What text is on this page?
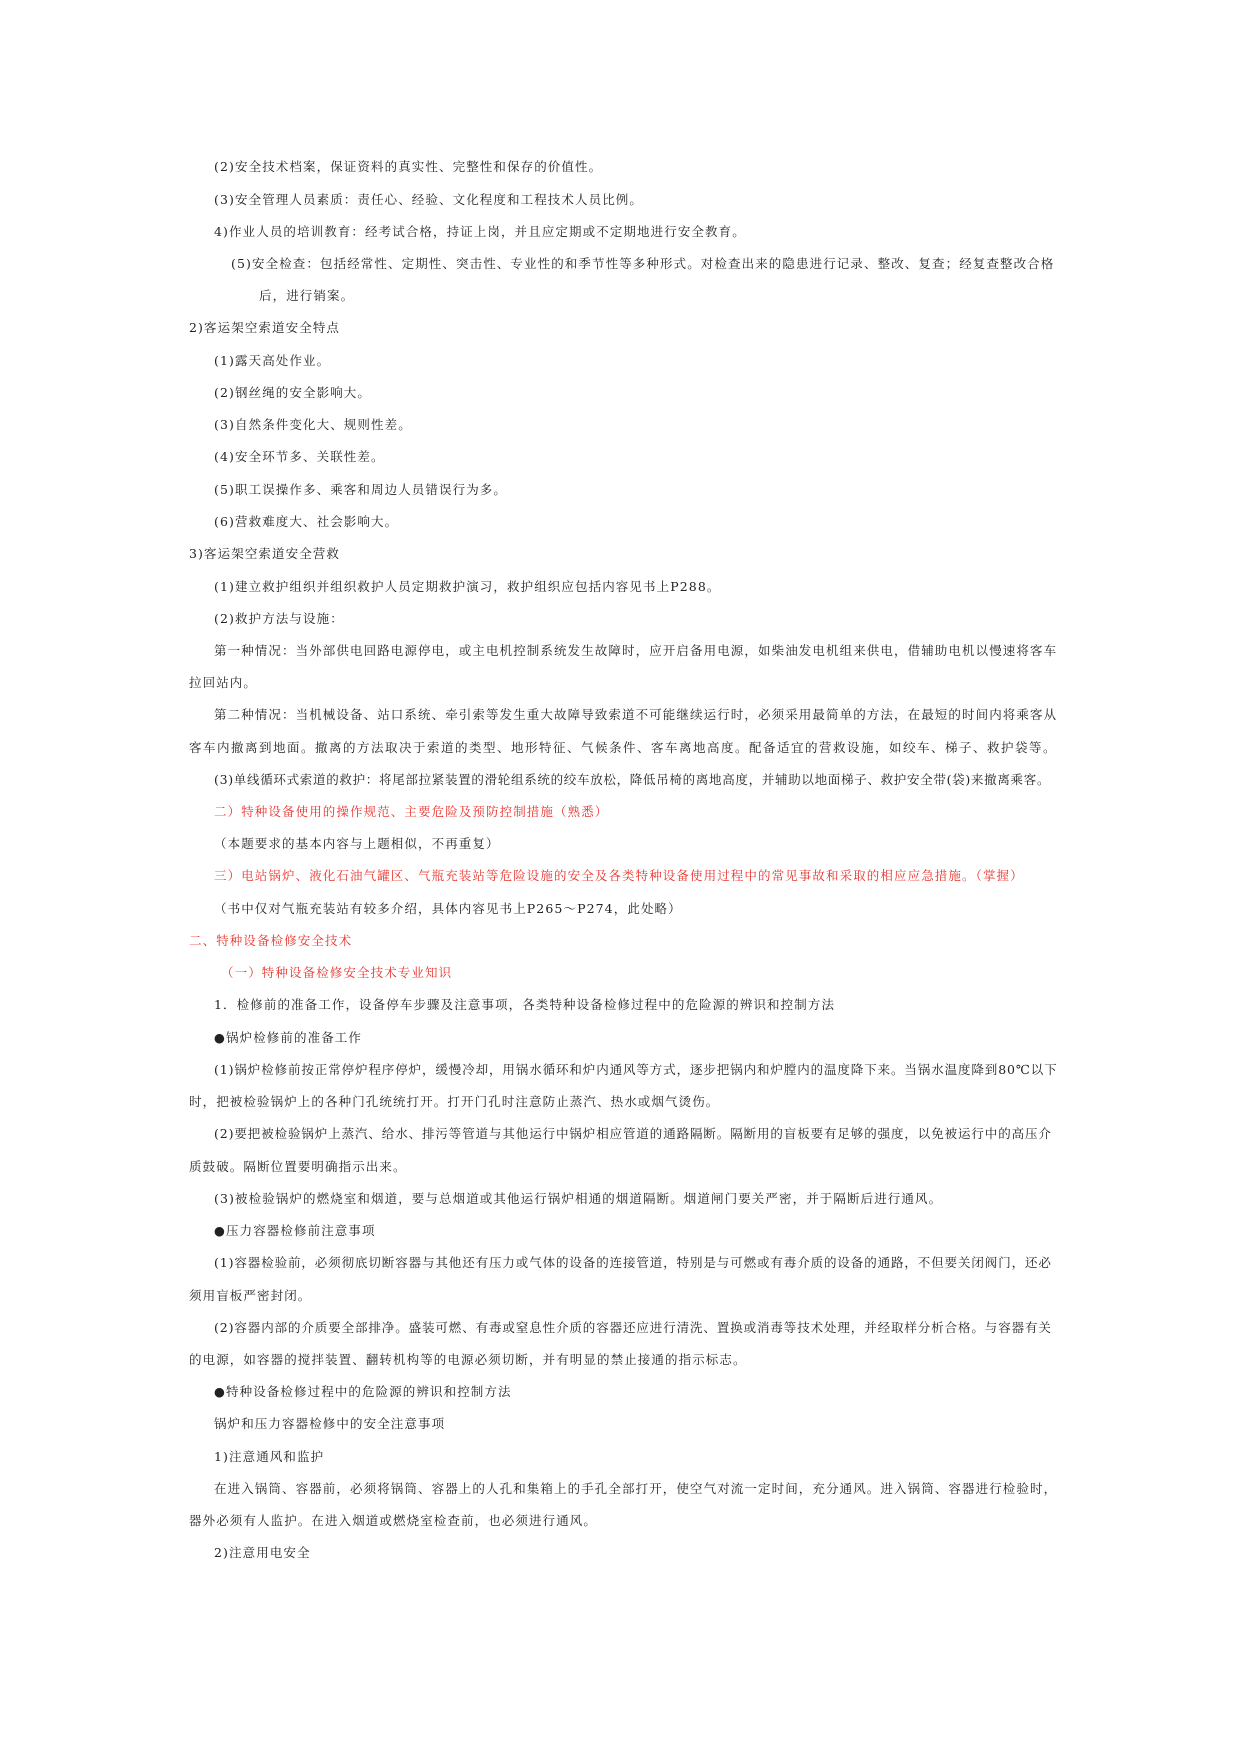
(2)安全技术档案，保证资料的真实性、完整性和保存的价值性。
(3)安全管理人员素质：责任心、经验、文化程度和工程技术人员比例。
4)作业人员的培训教育：经考试合格，持证上岗，并且应定期或不定期地进行安全教育。
(5)安全检查：包括经常性、定期性、突击性、专业性的和季节性等多种形式。对检查出来的隐患进行记录、整改、复查；经复查整改合格
后，进行销案。
2)客运架空索道安全特点
(1)露天高处作业。
(2)钢丝绳的安全影响大。
(3)自然条件变化大、规则性差。
(4)安全环节多、关联性差。
(5)职工误操作多、乘客和周边人员错误行为多。
(6)营救难度大、社会影响大。
3)客运架空索道安全营救
(1)建立救护组织并组织救护人员定期救护演习，救护组织应包括内容见书上P288。
(2)救护方法与设施：
第一种情况：当外部供电回路电源停电，或主电机控制系统发生故障时，应开启备用电源，如柴油发电机组来供电，借辅助电机以慢速将客车
拉回站内。
第二种情况：当机械设备、站口系统、牵引索等发生重大故障导致索道不可能继续运行时，必须采用最简单的方法，在最短的时间内将乘客从
客车内撤离到地面。撤离的方法取决于索道的类型、地形特征、气候条件、客车离地高度。配备适宜的营救设施，如绞车、梯子、救护袋等。
(3)单线循环式索道的救护：将尾部拉紧装置的滑轮组系统的绞车放松，降低吊椅的离地高度，并辅助以地面梯子、救护安全带(袋)来撤离乘客。
二）特种设备使用的操作规范、主要危险及预防控制措施（熟悉）
（本题要求的基本内容与上题相似，不再重复）
三）电站锅炉、液化石油气罐区、气瓶充装站等危险设施的安全及各类特种设备使用过程中的常见事故和采取的相应应急措施。（掌握）
（书中仅对气瓶充装站有较多介绍，具体内容见书上P265～P274，此处略）
二、特种设备检修安全技术
（一）特种设备检修安全技术专业知识
1．检修前的准备工作，设备停车步骤及注意事项，各类特种设备检修过程中的危险源的辨识和控制方法
●锅炉检修前的准备工作
(1)锅炉检修前按正常停炉程序停炉，缓慢冷却，用锅水循环和炉内通风等方式，逐步把锅内和炉膛内的温度降下来。当锅水温度降到80℃以下
时，把被检验锅炉上的各种门孔统统打开。打开门孔时注意防止蒸汽、热水或烟气烫伤。
(2)要把被检验锅炉上蒸汽、给水、排污等管道与其他运行中锅炉相应管道的通路隔断。隔断用的盲板要有足够的强度，以免被运行中的高压介
质鼓破。隔断位置要明确指示出来。
(3)被检验锅炉的燃烧室和烟道，要与总烟道或其他运行锅炉相通的烟道隔断。烟道闸门要关严密，并于隔断后进行通风。
●压力容器检修前注意事项
(1)容器检验前，必须彻底切断容器与其他还有压力或气体的设备的连接管道，特别是与可燃或有毒介质的设备的通路，不但要关闭阀门，还必
须用盲板严密封闭。
(2)容器内部的介质要全部排净。盛装可燃、有毒或窒息性介质的容器还应进行清洗、置换或消毒等技术处理，并经取样分析合格。与容器有关
的电源，如容器的搅拌装置、翻转机构等的电源必须切断，并有明显的禁止接通的指示标志。
●特种设备检修过程中的危险源的辨识和控制方法
锅炉和压力容器检修中的安全注意事项
1)注意通风和监护
在进入锅筒、容器前，必须将锅筒、容器上的人孔和集箱上的手孔全部打开，使空气对流一定时间，充分通风。进入锅筒、容器进行检验时，
器外必须有人监护。在进入烟道或燃烧室检查前，也必须进行通风。
2)注意用电安全
